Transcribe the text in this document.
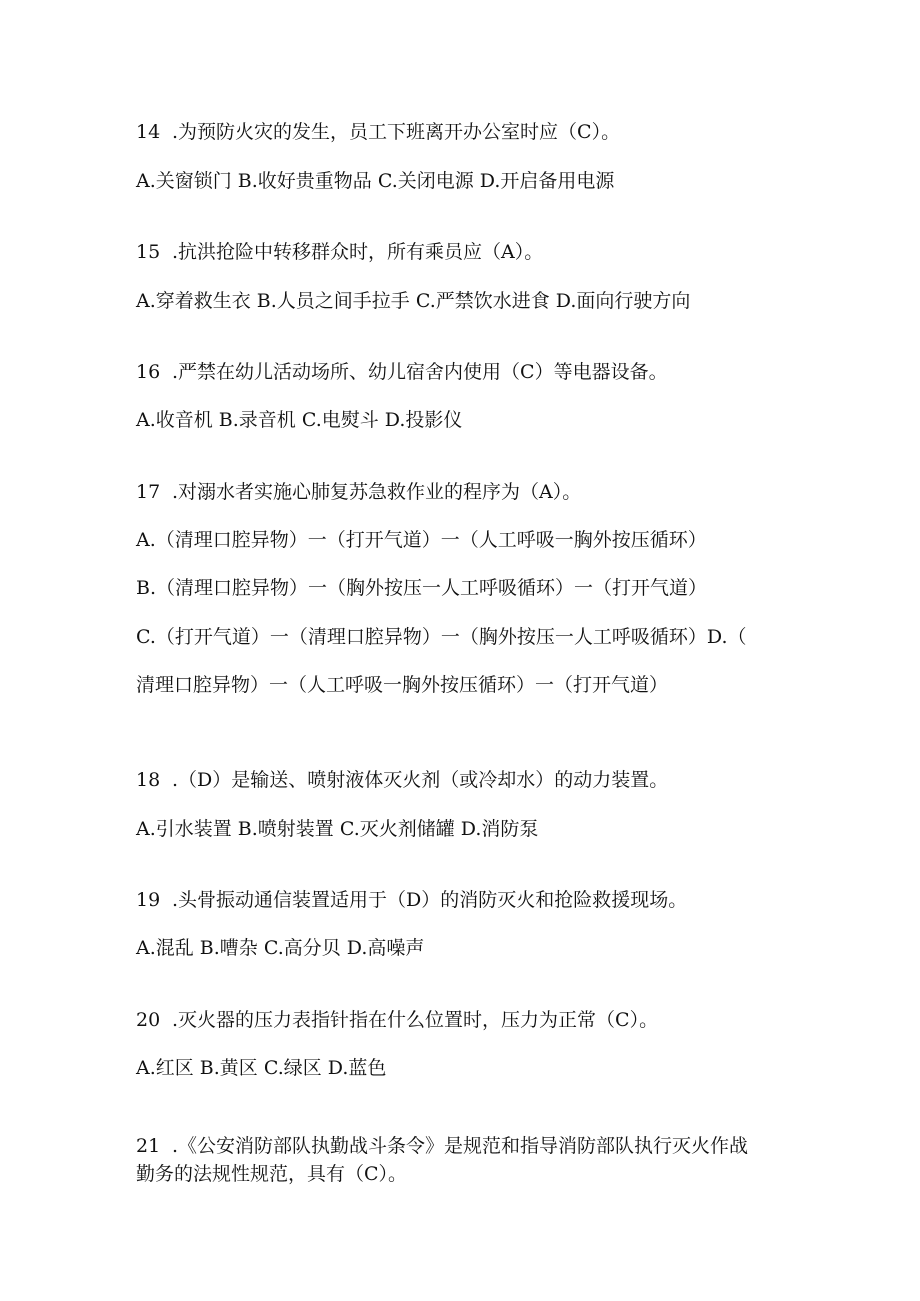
14 .为预防火灾的发生，员工下班离开办公室时应（C）。
A.关窗锁门 B.收好贵重物品 C.关闭电源 D.开启备用电源
15 .抗洪抢险中转移群众时，所有乘员应（A）。
A.穿着救生衣 B.人员之间手拉手 C.严禁饮水进食 D.面向行驶方向
16 .严禁在幼儿活动场所、幼儿宿舍内使用（C）等电器设备。
A.收音机 B.录音机 C.电熨斗 D.投影仪
17 .对溺水者实施心肺复苏急救作业的程序为（A）。
A.（清理口腔异物）一（打开气道）一（人工呼吸一胸外按压循环）
B.（清理口腔异物）一（胸外按压一人工呼吸循环）一（打开气道）
C.（打开气道）一（清理口腔异物）一（胸外按压一人工呼吸循环）D.（
清理口腔异物）一（人工呼吸一胸外按压循环）一（打开气道）
18 .（D）是输送、喷射液体灭火剂（或冷却水）的动力装置。
A.引水装置 B.喷射装置 C.灭火剂储罐 D.消防泵
19 .头骨振动通信装置适用于（D）的消防灭火和抢险救援现场。
A.混乱 B.嘈杂 C.高分贝 D.高噪声
20 .灭火器的压力表指针指在什么位置时，压力为正常（C）。
A.红区 B.黄区 C.绿区 D.蓝色
21 .《公安消防部队执勤战斗条令》是规范和指导消防部队执行灭火作战
勤务的法规性规范，具有（C）。
